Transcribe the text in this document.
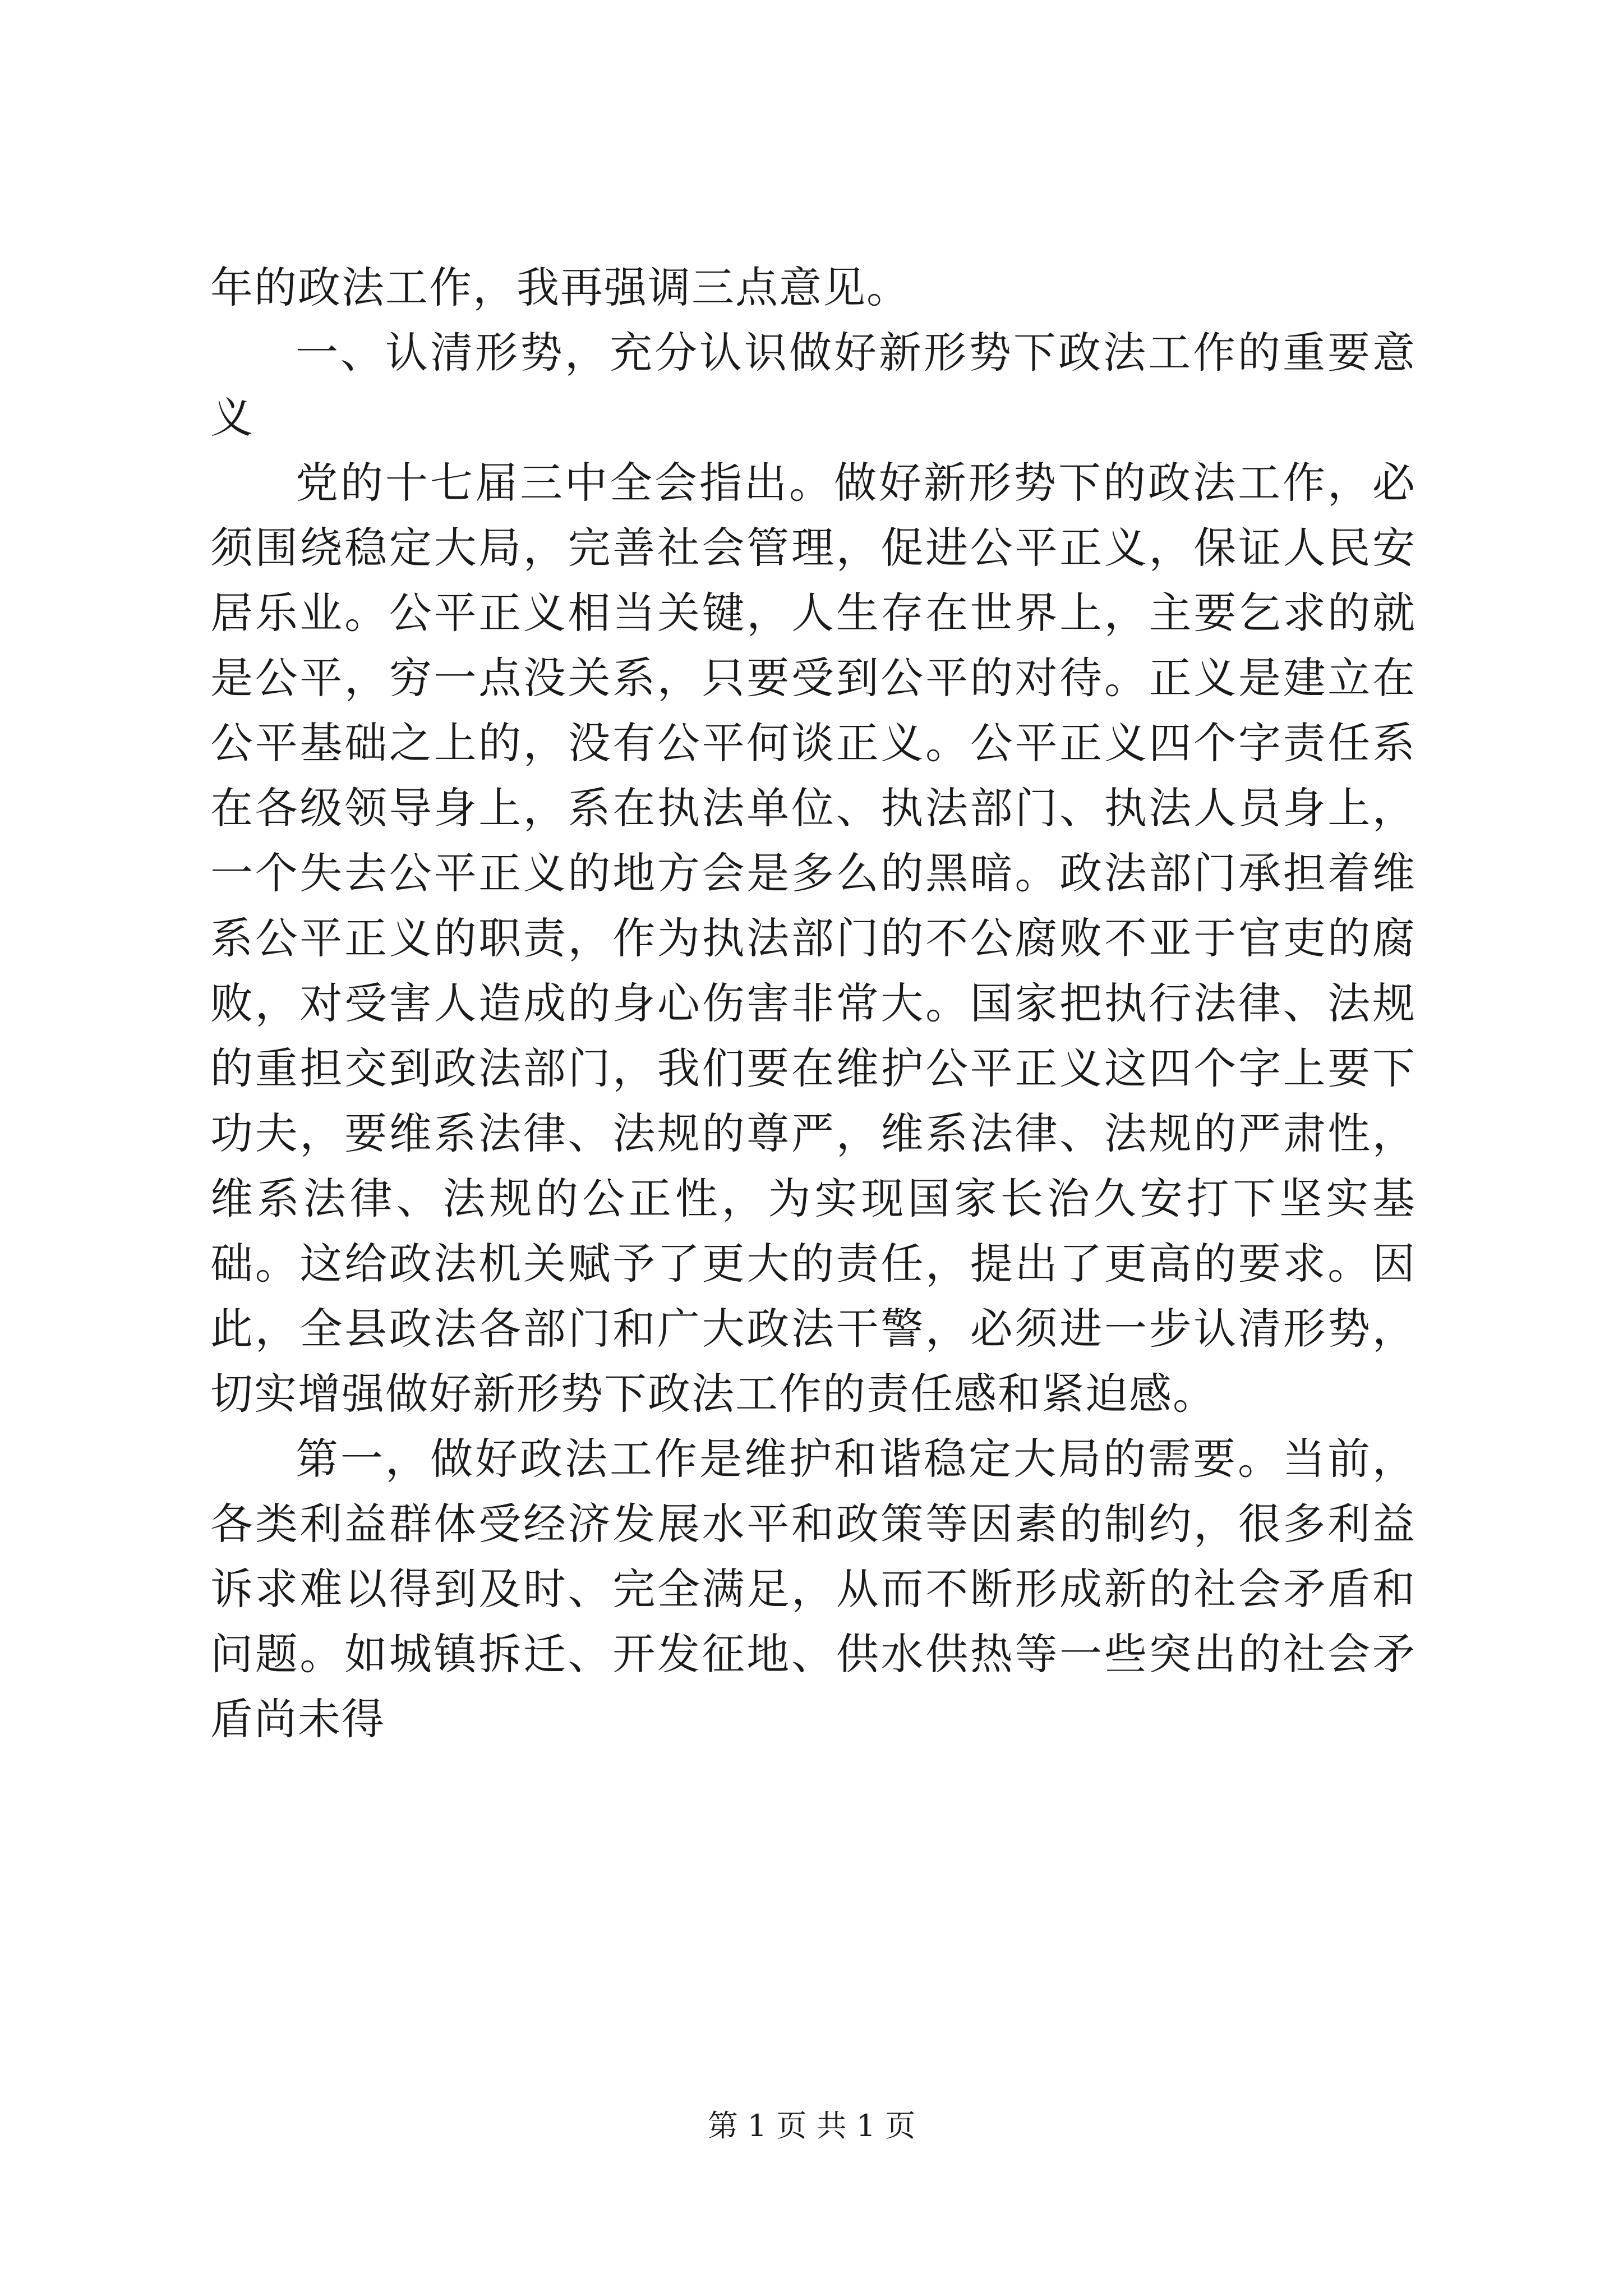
年的政法工作，我再强调三点意见。

一、认清形势，充分认识做好新形势下政法工作的重要意义

党的十七届三中全会指出。做好新形势下的政法工作，必须围绕稳定大局，完善社会管理，促进公平正义，保证人民安居乐业。公平正义相当关键，人生存在世界上，主要乞求的就是公平，穷一点没关系，只要受到公平的对待。正义是建立在公平基础之上的，没有公平何谈正义。公平正义四个字责任系在各级领导身上，系在执法单位、执法部门、执法人员身上，一个失去公平正义的地方会是多么的黑暗。政法部门承担着维系公平正义的职责，作为执法部门的不公腐败不亚于官吏的腐败，对受害人造成的身心伤害非常大。国家把执行法律、法规的重担交到政法部门，我们要在维护公平正义这四个字上要下功夫，要维系法律、法规的尊严，维系法律、法规的严肃性，维系法律、法规的公正性，为实现国家长治久安打下坚实基础。这给政法机关赋予了更大的责任，提出了更高的要求。因此，全县政法各部门和广大政法干警，必须进一步认清形势，切实增强做好新形势下政法工作的责任感和紧迫感。

第一，做好政法工作是维护和谐稳定大局的需要。当前，各类利益群体受经济发展水平和政策等因素的制约，很多利益诉求难以得到及时、完全满足，从而不断形成新的社会矛盾和问题。如城镇拆迁、开发征地、供水供热等一些突出的社会矛盾尚未得

第 1 页 共 1 页
